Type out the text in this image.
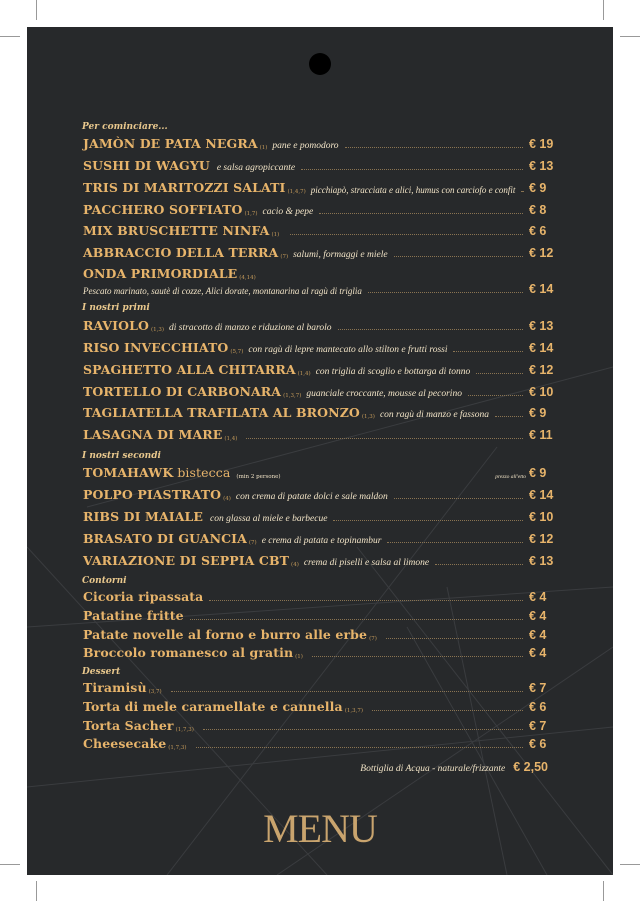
Per cominciare...
JAMÒN DE PATA NEGRA (1) pane e pomodoro	€ 19
SUSHI DI WAGYU e salsa agropiccante	€ 13
TRIS DI MARITOZZI SALATI (1,4,7) picchiapò, stracciata e alici, humus con carciofo e confit € 9
PACCHERO SOFFIATO (1,7) cacio & pepe	€ 8
MIX BRUSCHETTE NINFA (1)	€ 6
ABBRACCIO DELLA TERRA (7) salumi, formaggi e miele	€ 12
ONDA PRIMORDIALE (4,14)
Pescato marinato, sautè di cozze, Alici dorate, montanarina al ragù di triglia	€ 14
I nostri primi
RAVIOLO (1,3) di stracotto di manzo e riduzione al barolo	€ 13
RISO INVECCHIATO (5,7) con ragù di lepre mantecato allo stilton e frutti rossi	€ 14
SPAGHETTO ALLA CHITARRA (1,4) con triglia di scoglio e bottarga di tonno	€ 12
TORTELLO DI CARBONARA (1,3,7) guanciale croccante, mousse al pecorino	€ 10
TAGLIATELLA TRAFILATA AL BRONZO (1,3) con ragù di manzo e fassona	€ 9
LASAGNA DI MARE (1,4)	€ 11
I nostri secondi
TOMAHAWK bistecca (min 2 persone)	prezzo all'etto € 9
POLPO PIASTRATO (4) con crema di patate dolci e sale maldon	€ 14
RIBS DI MAIALE con glassa al miele e barbecue	€ 10
BRASATO DI GUANCIA (7) e crema di patata e topinambur	€ 12
VARIAZIONE DI SEPPIA CBT (4) crema di piselli e salsa al limone	€ 13
Contorni
Cicoria ripassata	€ 4
Patatine fritte	€ 4
Patate novelle al forno e burro alle erbe (7)	€ 4
Broccolo romanesco al gratin (1)	€ 4
Dessert
Tiramisù (3,7)	€ 7
Torta di mele caramellate e cannella (1,3,7)	€ 6
Torta Sacher (1,7,3)	€ 7
Cheesecake (1,7,3)	€ 6
Bottiglia di Acqua - naturale/frizzante € 2,50
MENU
